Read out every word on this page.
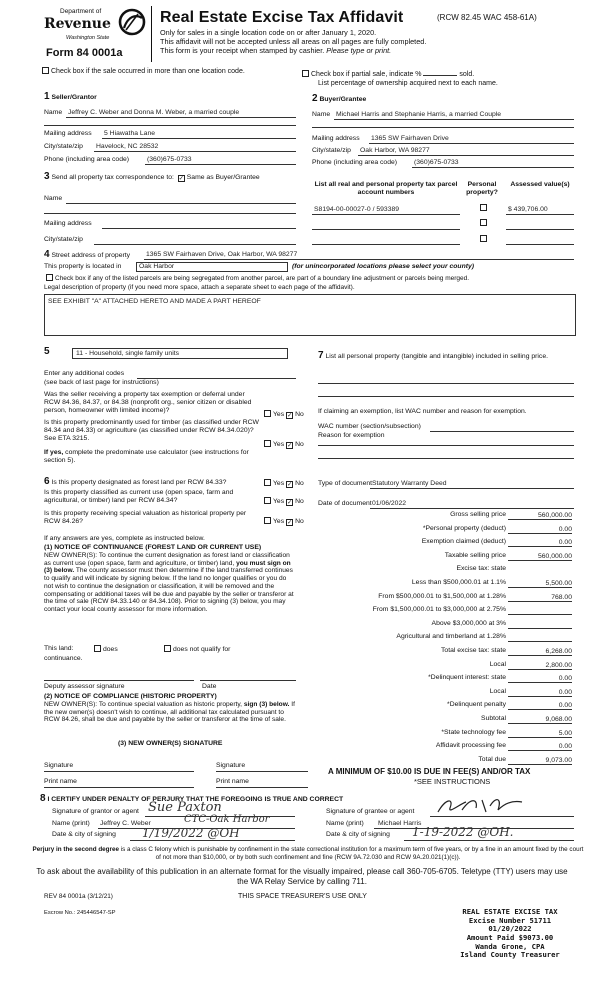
Department of
Revenue
Washington State
Form 84 0001a
Real Estate Excise Tax Affidavit	(RCW 82.45 WAC 458-61A)
Only for sales in a single location code on or after January 1, 2020.
This affidavit will not be accepted unless all areas on all pages are fully completed.
This form is your receipt when stamped by cashier. Please type or print.
Check box if the sale occurred in more than one location code.	Check box if partial sale, indicate %	sold.
List percentage of ownership acquired next to each name.
1 Seller/Grantor
Name Jeffrey C. Weber and Donna M. Weber, a married couple
Mailing address 5 Hiawatha Lane
City/state/zip Havelock, NC 28532
Phone (including area code)	(360)675-0733
2 Buyer/Grantee
Name Michael Harris and Stephanie Harris, a married Couple
Mailing address 1365 SW Fairhaven Drive
City/state/zip Oak Harbor, WA 98277
Phone (including area code) (360)675-0733
3 Send all property tax correspondence to: ✓ Same as Buyer/Grantee
Name
Mailing address
City/state/zip
List all real and personal property tax parcel account numbers
Personal property?
Assessed value(s)
S8194-00-00027-0 / 593389	$ 439,706.00
4 Street address of property 1365 SW Fairhaven Drive, Oak Harbor, WA 98277
This property is located in	Oak Harbor	(for unincorporated locations please select your county)
Check box if any of the listed parcels are being segregated from another parcel, are part of a boundary line adjustment or parcels being merged.
Legal description of property (if you need more space, attach a separate sheet to each page of the affidavit).
SEE EXHIBIT "A" ATTACHED HERETO AND MADE A PART HEREOF
5	11 - Household, single family units
Enter any additional codes
(see back of last page for instructions)
Was the seller receiving a property tax exemption or deferral under RCW 84.36, 84.37, or 84.38 (nonprofit org., senior citizen or disabled person, homeowner with limited income)?
Yes ✓ No
Is this property predominantly used for timber (as classified under RCW 84.34 and 84.33) or agriculture (as classified under RCW 84.34.020)? See ETA 3215.
Yes ✓ No
If yes, complete the predominate use calculator (see instructions for section 5).
7 List all personal property (tangible and intangible) included in selling price.
If claiming an exemption, list WAC number and reason for exemption.
WAC number (section/subsection)
Reason for exemption
6 Is this property designated as forest land per RCW 84.33?	Yes ✓ No
Is this property classified as current use (open space, farm and agricultural, or timber) land per RCW 84.34?	Yes ✓ No
Is this property receiving special valuation as historical property per RCW 84.26?	Yes ✓ No
If any answers are yes, complete as instructed below.
(1) NOTICE OF CONTINUANCE (FOREST LAND OR CURRENT USE)
NEW OWNER(S): To continue the current designation as forest land or classification as current use (open space, farm and agriculture, or timber) land, you must sign on (3) below. The county assessor must then determine if the land transferred continues to qualify and will indicate by signing below. If the land no longer qualifies or you do not wish to continue the designation or classification, it will be removed and the compensating or additional taxes will be due and payable by the seller or transferor at the time of sale (RCW 84.33.140 or 84.34.108). Prior to signing (3) below, you may contact your local county assessor for more information.
This land:	does	does not qualify for
continuance.
Deputy assessor signature	Date
(2) NOTICE OF COMPLIANCE (HISTORIC PROPERTY)
NEW OWNER(S): To continue special valuation as historic property, sign (3) below. If the new owner(s) doesn't wish to continue, all additional tax calculated pursuant to RCW 84.26, shall be due and payable by the seller or transferor at the time of sale.
(3) NEW OWNER(S) SIGNATURE
Signature	Signature
Print name	Print name
Type of document Statutory Warranty Deed
Date of document 01/06/2022
Gross selling price	560,000.00
*Personal property (deduct)	0.00
Exemption claimed (deduct)	0.00
Taxable selling price	560,000.00
Excise tax: state
Less than $500,000.01 at 1.1%	5,500.00
From $500,000.01 to $1,500,000 at 1.28%	768.00
From $1,500,000.01 to $3,000,000 at 2.75%
Above $3,000,000 at 3%
Agricultural and timberland at 1.28%
Total excise tax: state	6,268.00
Local	2,800.00
*Delinquent interest: state	0.00
Local	0.00
*Delinquent penalty	0.00
Subtotal	9,068.00
*State technology fee	5.00
Affidavit processing fee	0.00
Total due	9,073.00
A MINIMUM OF $10.00 IS DUE IN FEE(S) AND/OR TAX
*SEE INSTRUCTIONS
8 I CERTIFY UNDER PENALTY OF PERJURY THAT THE FOREGOING IS TRUE AND CORRECT
Signature of grantor or agent Sue Paxton
Name (print) Jeffrey C. Weber	CTC-Oak Harbor
Date & city of signing 1/19/2022 @OH
Signature of grantee or agent
Name (print) Michael Harris
Date & city of signing 1-19-2022 @OH.
Perjury in the second degree is a class C felony which is punishable by confinement in the state correctional institution for a maximum term of five years, or by a fine in an amount fixed by the court of not more than $10,000, or by both such confinement and fine (RCW 9A.72.030 and RCW 9A.20.021(1)(c)).
To ask about the availability of this publication in an alternate format for the visually impaired, please call 360-705-6705. Teletype (TTY) users may use the WA Relay Service by calling 711.
REV 84 0001a (3/12/21)	THIS SPACE TREASURER'S USE ONLY
Escrow No.: 245446547-SP	REAL ESTATE EXCISE TAX
Excise Number 51711
01/20/2022
Amount Paid $9073.00
Wanda Grone, CPA
Island County Treasurer
